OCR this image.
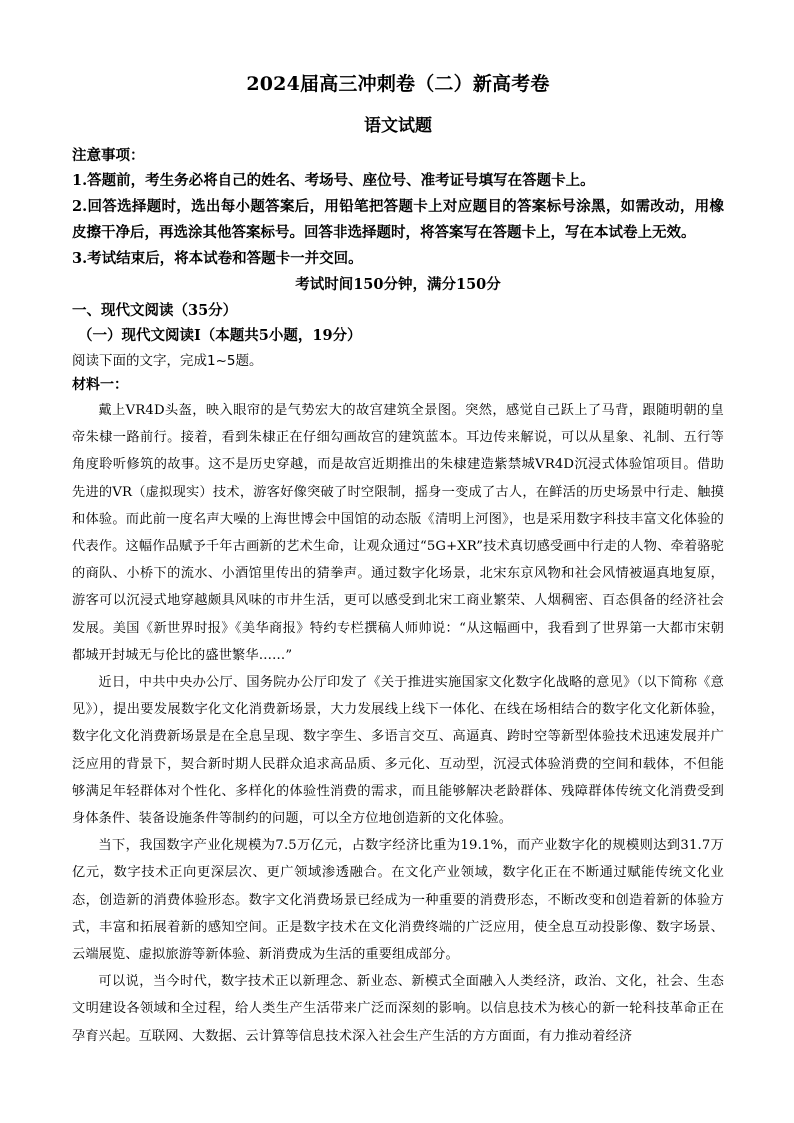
2024届高三冲刺卷（二）新高考卷
语文试题

注意事项：

1.答题前，考生务必将自己的姓名、考场号、座位号、准考证号填写在答题卡上。

2.回答选择题时，选出每小题答案后，用铅笔把答题卡上对应题目的答案标号涂黑，如需改动，用橡皮擦干净后，再选涂其他答案标号。回答非选择题时，将答案写在答题卡上，写在本试卷上无效。

3.考试结束后，将本试卷和答题卡一并交回。

考试时间150分钟，满分150分

一、现代文阅读（35分）

（一）现代文阅读Ⅰ（本题共5小题，19分）

阅读下面的文字，完成1~5题。

材料一：

戴上VR4D头盔，映入眼帘的是气势宏大的故宫建筑全景图。突然，感觉自己跃上了马背，跟随明朝的皇帝朱棣一路前行。接着，看到朱棣正在仔细勾画故宫的建筑蓝本。耳边传来解说，可以从星象、礼制、五行等角度聆听修筑的故事。这不是历史穿越，而是故宫近期推出的朱棣建造紫禁城VR4D沉浸式体验馆项目。借助先进的VR（虚拟现实）技术，游客好像突破了时空限制，摇身一变成了古人，在鲜活的历史场景中行走、触摸和体验。而此前一度名声大噪的上海世博会中国馆的动态版《清明上河图》，也是采用数字科技丰富文化体验的代表作。这幅作品赋予千年古画新的艺术生命，让观众通过“5G+XR”技术真切感受画中行走的人物、牵着骆驼的商队、小桥下的流水、小酒馆里传出的猜拳声。通过数字化场景，北宋东京风物和社会风情被逼真地复原，游客可以沉浸式地穿越颇具风味的市井生活，更可以感受到北宋工商业繁荣、人烟稠密、百态俱备的经济社会发展。美国《新世界时报》《美华商报》特约专栏撰稿人师帅说：“从这幅画中，我看到了世界第一大都市宋朝都城开封城无与伦比的盛世繁华……”

近日，中共中央办公厅、国务院办公厅印发了《关于推进实施国家文化数字化战略的意见》（以下简称《意见》），提出要发展数字化文化消费新场景，大力发展线上线下一体化、在线在场相结合的数字化文化新体验，数字化文化消费新场景是在全息呈现、数字孪生、多语言交互、高逼真、跨时空等新型体验技术迅速发展并广泛应用的背景下，契合新时期人民群众追求高品质、多元化、互动型，沉浸式体验消费的空间和载体，不但能够满足年轻群体对个性化、多样化的体验性消费的需求，而且能够解决老龄群体、残障群体传统文化消费受到身体条件、装备设施条件等制约的问题，可以全方位地创造新的文化体验。

当下，我国数字产业化规模为7.5万亿元，占数字经济比重为19.1%，而产业数字化的规模则达到31.7万亿元，数字技术正向更深层次、更广领域渗透融合。在文化产业领域，数字化正在不断通过赋能传统文化业态，创造新的消费体验形态。数字文化消费场景已经成为一种重要的消费形态，不断改变和创造着新的体验方式，丰富和拓展着新的感知空间。正是数字技术在文化消费终端的广泛应用，使全息互动投影像、数字场景、云端展览、虚拟旅游等新体验、新消费成为生活的重要组成部分。

可以说，当今时代，数字技术正以新理念、新业态、新模式全面融入人类经济，政治、文化，社会、生态文明建设各领域和全过程，给人类生产生活带来广泛而深刻的影响。以信息技术为核心的新一轮科技革命正在孕育兴起。互联网、大数据、云计算等信息技术深入社会生产生活的方方面面，有力推动着经济
